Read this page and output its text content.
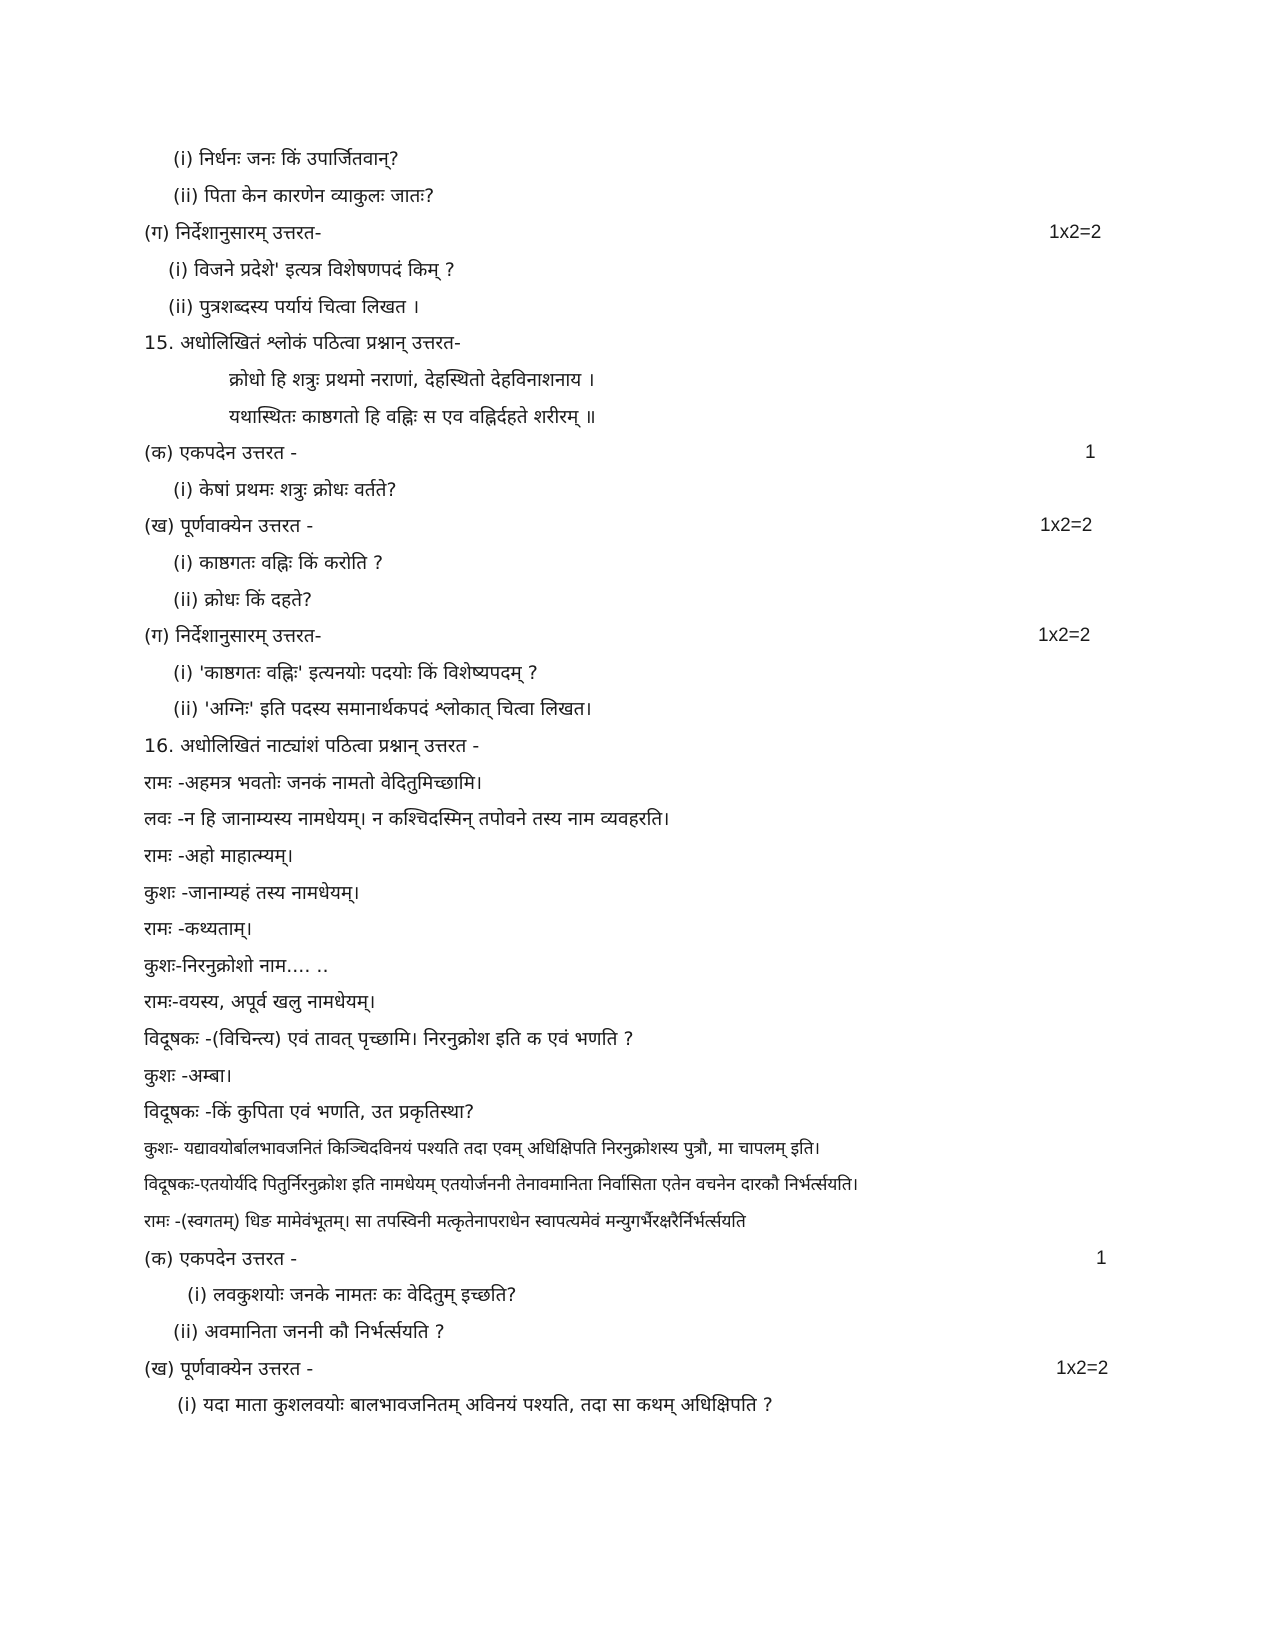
(i) निर्धनः जनः किं उपार्जितवान्?
(ii) पिता केन कारणेन व्याकुलः जातः?
(ग) निर्देशानुसारम् उत्तरत-	1x2=2
(i) विजने प्रदेशे' इत्यत्र विशेषणपदं किम् ?
(ii) पुत्रशब्दस्य पर्यायं चित्वा लिखत ।
15. अधोलिखितं श्लोकं पठित्वा प्रश्नान् उत्तरत-
क्रोधो हि शत्रुः प्रथमो नराणां, देहस्थितो देहविनाशनाय ।
यथास्थितः काष्ठगतो हि वह्निः स एव वह्निर्दहते शरीरम् ॥
(क) एकपदेन उत्तरत -	1
(i) केषां प्रथमः शत्रुः क्रोधः वर्तते?
(ख) पूर्णवाक्येन उत्तरत -	1x2=2
(i) काष्ठगतः वह्निः किं करोति ?
(ii) क्रोधः किं दहते?
(ग) निर्देशानुसारम् उत्तरत-	1x2=2
(i) 'काष्ठगतः वह्निः' इत्यनयोः पदयोः किं विशेष्यपदम् ?
(ii) 'अग्निः' इति पदस्य समानार्थकपदं श्लोकात् चित्वा लिखत।
16. अधोलिखितं नाट्यांशं पठित्वा प्रश्नान् उत्तरत -
रामः -अहमत्र भवतोः जनकं नामतो वेदितुमिच्छामि।
लवः -न हि जानाम्यस्य नामधेयम्। न कश्चिदस्मिन् तपोवने तस्य नाम व्यवहरति।
रामः -अहो माहात्म्यम्।
कुशः -जानाम्यहं तस्य नामधेयम्।
रामः -कथ्यताम्।
कुशः-निरनुक्रोशो नाम.... ..
रामः-वयस्य, अपूर्व खलु नामधेयम्।
विदूषकः -(विचिन्त्य) एवं तावत् पृच्छामि। निरनुक्रोश इति क एवं भणति ?
कुशः -अम्बा।
विदूषकः -किं कुपिता एवं भणति, उत प्रकृतिस्था?
कुशः- यद्यावयोर्बालभावजनितं किञ्चिदविनयं पश्यति तदा एवम् अधिक्षिपति निरनुक्रोशस्य पुत्रौ, मा चापलम् इति।
विदूषकः-एतयोर्यदि पितुर्निरनुक्रोश इति नामधेयम् एतयोर्जननी तेनावमानिता निर्वासिता एतेन वचनेन दारकौ निर्भर्त्सयति।
रामः -(स्वगतम्) धिङ मामेवंभूतम्। सा तपस्विनी मत्कृतेनापराधेन स्वापत्यमेवं मन्युगर्भैरक्षरैर्निर्भर्त्सयति
(क) एकपदेन उत्तरत -	1
(i) लवकुशयोः जनके नामतः कः वेदितुम् इच्छति?
(ii) अवमानिता जननी कौ निर्भर्त्सयति ?
(ख) पूर्णवाक्येन उत्तरत -	1x2=2
(i) यदा माता कुशलवयोः बालभावजनितम् अविनयं पश्यति, तदा सा कथम् अधिक्षिपति ?
